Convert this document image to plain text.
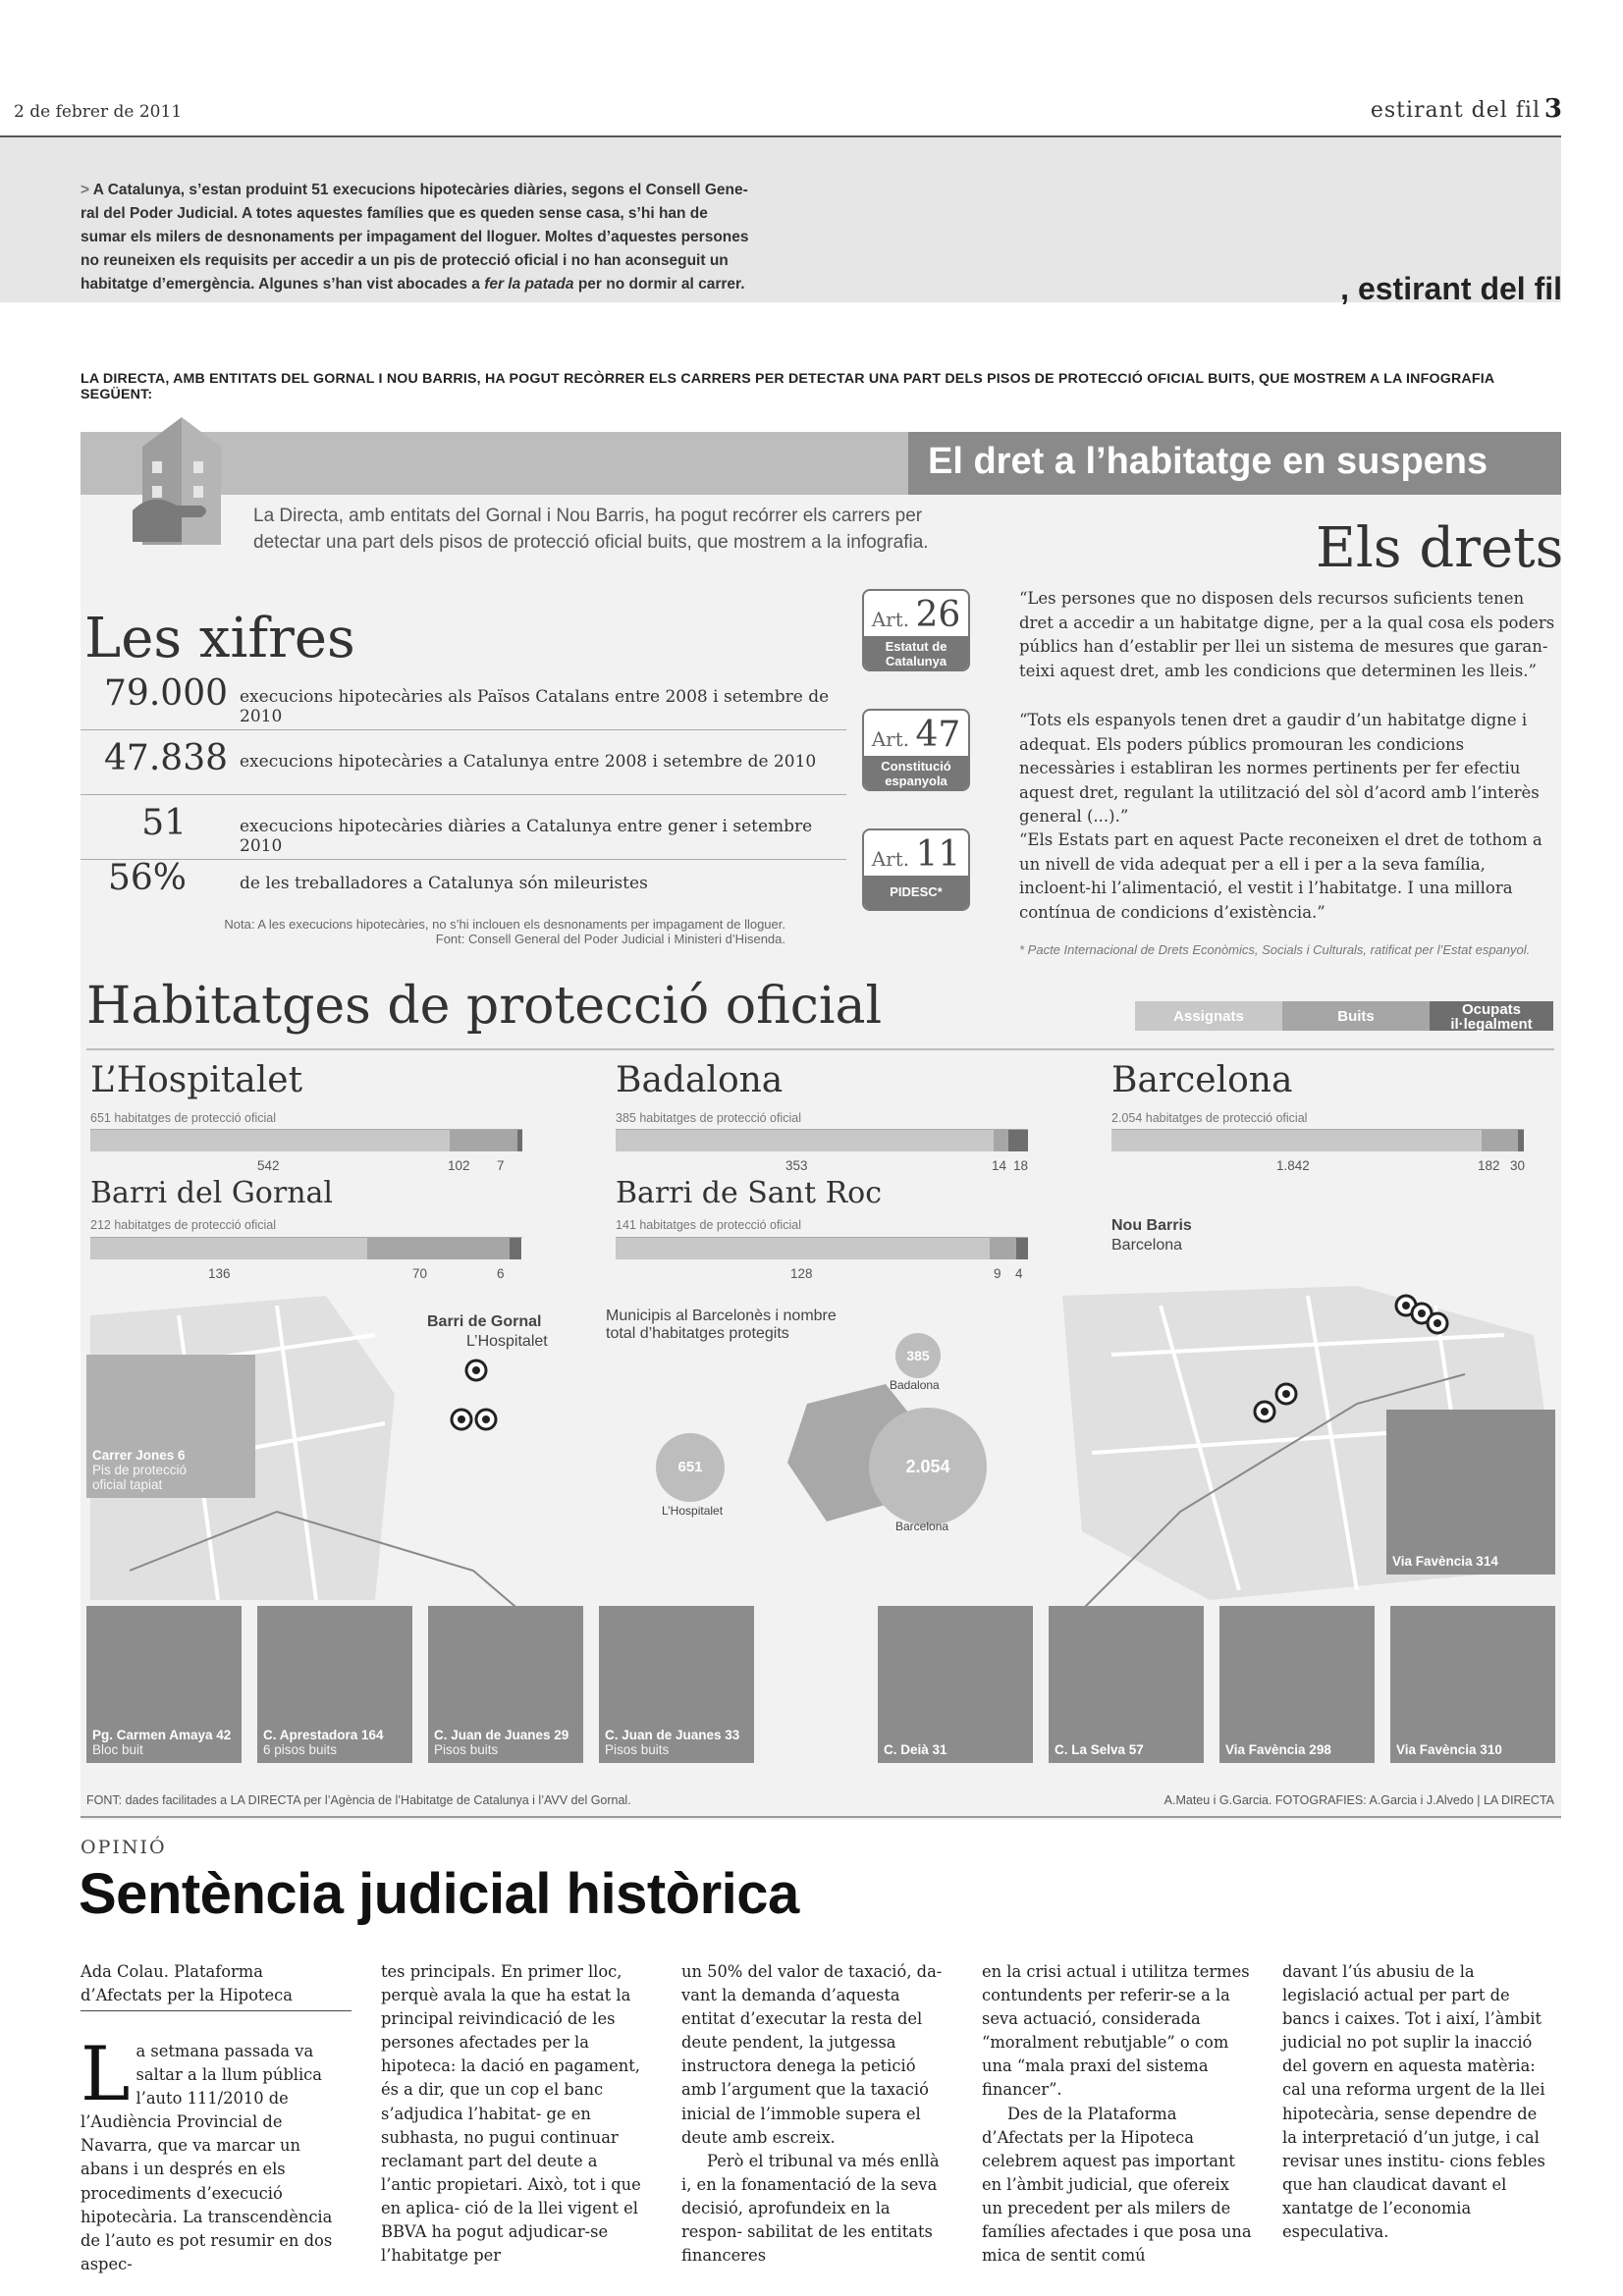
2 de febrer de 2011	estirant del fil 3
> A Catalunya, s’estan produint 51 execucions hipotecàries diàries, segons el Consell Gene-
ral del Poder Judicial. A totes aquestes famílies que es queden sense casa, s’hi han de
sumar els milers de desnonaments per impagament del lloguer. Moltes d’aquestes persones
no reuneixen els requisits per accedir a un pis de protecció oficial i no han aconseguit un
habitatge d’emergència. Algunes s’han vist abocades a fer la patada per no dormir al carrer.	, estirant del fil
LA DIRECTA, AMB ENTITATS DEL GORNAL I NOU BARRIS, HA POGUT RECÒRRER ELS CARRERS PER DETECTAR UNA PART DELS PISOS DE PROTECCIÓ OFICIAL BUITS, QUE MOSTREM A LA INFOGRAFIA SEGÜENT:
El dret a l’habitatge en suspens
La Directa, amb entitats del Gornal i Nou Barris, ha pogut recórrer els carrers per
detectar una part dels pisos de protecció oficial buits, que mostrem a la infografia.	Els drets
Les xifres
79.000 execucions hipotecàries als Països Catalans entre 2008 i setembre de 2010
47.838 execucions hipotecàries a Catalunya entre 2008 i setembre de 2010
51	execucions hipotecàries diàries a Catalunya entre gener i setembre 2010
56%	de les treballadores a Catalunya són mileuristes
Nota: A les execucions hipotecàries, no s’hi inclouen els desnonaments per impagament de lloguer.
Font: Consell General del Poder Judicial i Ministeri d’Hisenda.
Art. 26
Estatut de Catalunya
“Les persones que no disposen dels recursos suficients tenen dret a accedir a un habitatge digne, per a la qual cosa els poders públics han d’establir per llei un sistema de mesures que garan- teixi aquest dret, amb les condicions que determinen les lleis.”
Art. 47
Constitució espanyola
“Tots els espanyols tenen dret a gaudir d’un habitatge digne i adequat. Els poders públics promouran les condicions necessàries i establiran les normes pertinents per fer efectiu aquest dret, regulant la utilització del sòl d’acord amb l’interès general (...).”
Art. 11
PIDESC*
“Els Estats part en aquest Pacte reconeixen el dret de tothom a un nivell de vida adequat per a ell i per a la seva família, incloent-hi l’alimentació, el vestit i l’habitatge. I una millora contínua de condicions d’existència.”
* Pacte Internacional de Drets Econòmics, Socials i Culturals, ratificat per l’Estat espanyol.
Habitatges de protecció oficial	Assignats	Buits	Ocupats il·legalment
L’Hospitalet
651 habitatges de protecció oficial
542	102 7
Badalona
385 habitatges de protecció oficial
353	14 18
Barcelona
2.054 habitatges de protecció oficial
1.842	182 30
Barri del Gornal
212 habitatges de protecció oficial
136	70	6
Barri de Sant Roc
141 habitatges de protecció oficial
128	9 4
Barri de Gornal
L’Hospitalet
Municipis al Barcelonès i nombre
total d’habitatges protegits
Nou Barris
Barcelona
385
Badalona
651
L’Hospitalet
2.054
Barcelona
Carrer Jones 6
Pis de protecció
oficial tapiat
Via Favència 314
Pg. Carmen Amaya 42
Bloc buit
C. Aprestadora 164
6 pisos buits
C. Juan de Juanes 29
Pisos buits
C. Juan de Juanes 33
Pisos buits	C. Deià 31	C. La Selva 57	Via Favència 298	Via Favència 310
FONT: dades facilitades a LA DIRECTA per l’Agència de l’Habitatge de Catalunya i l’AVV del Gornal.	A.Mateu i G.Garcia. FOTOGRAFIES: A.Garcia i J.Alvedo | LA DIRECTA
OPINIÓ
Sentència judicial històrica
Ada Colau. Plataforma
d’Afectats per la Hipoteca
La setmana passada va saltar a la llum pública l’auto 111/2010 de l’Audiència Provincial de Navarra, que va marcar un abans i un després en els procediments d’execució hipotecària. La transcendència de l’auto es pot resumir en dos aspec-
tes principals. En primer lloc, perquè avala la que ha estat la principal reivindicació de les persones afectades per la hipoteca: la dació en pagament, és a dir, que un cop el banc s’adjudica l’habitat- ge en subhasta, no pugui continuar reclamant part del deute a l’antic propietari. Això, tot i que en aplica- ció de la llei vigent el BBVA ha pogut adjudicar-se l’habitatge per
un 50% del valor de taxació, da- vant la demanda d’aquesta entitat d’executar la resta del deute pendent, la jutgessa instructora denega la petició amb l’argument que la taxació inicial de l’immoble supera el deute amb escreix.
Però el tribunal va més enllà i, en la fonamentació de la seva decisió, aprofundeix en la respon- sabilitat de les entitats financeres
en la crisi actual i utilitza termes contundents per referir-se a la seva actuació, considerada “moralment rebutjable” o com una “mala praxi del sistema financer”.
Des de la Plataforma d’Afectats per la Hipoteca celebrem aquest pas important en l’àmbit judicial, que ofereix un precedent per als milers de famílies afectades i que posa una mica de sentit comú
davant l’ús abusiu de la legislació actual per part de bancs i caixes. Tot i així, l’àmbit judicial no pot suplir la inacció del govern en aquesta matèria: cal una reforma urgent de la llei hipotecària, sense dependre de la interpretació d’un jutge, i cal revisar unes institu- cions febles que han claudicat davant el xantatge de l’economia especulativa.
